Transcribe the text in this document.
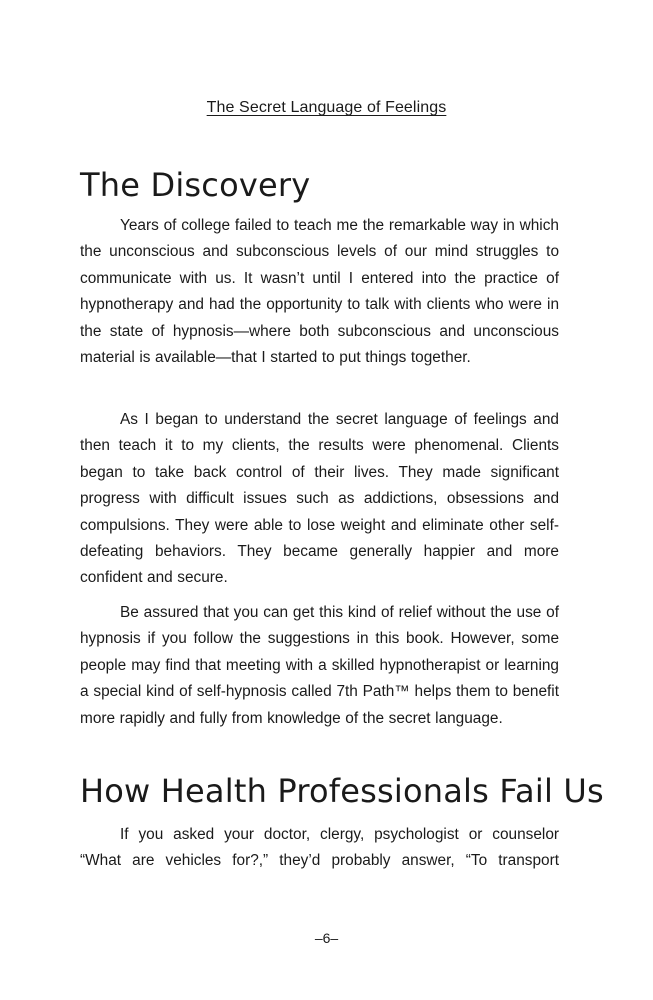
The Secret Language of Feelings
The Discovery

Years of college failed to teach me the remarkable way in which the unconscious and subconscious levels of our mind struggles to communicate with us. It wasn’t until I entered into the practice of hypnotherapy and had the opportunity to talk with clients who were in the state of hypnosis—where both subconscious and unconscious material is available—that I started to put things together.

As I began to understand the secret language of feelings and then teach it to my clients, the results were phenomenal. Clients began to take back control of their lives. They made significant progress with difficult issues such as addictions, obsessions and compulsions. They were able to lose weight and eliminate other self-defeating behaviors. They became generally happier and more confident and secure.

Be assured that you can get this kind of relief without the use of hypnosis if you follow the suggestions in this book. However, some people may find that meeting with a skilled hypnotherapist or learning a special kind of self-hypnosis called 7th Path™ helps them to benefit more rapidly and fully from knowledge of the secret language.

How Health Professionals Fail Us

If you asked your doctor, clergy, psychologist or counselor “What are vehicles for?,” they’d probably answer, “To transport

–6–
